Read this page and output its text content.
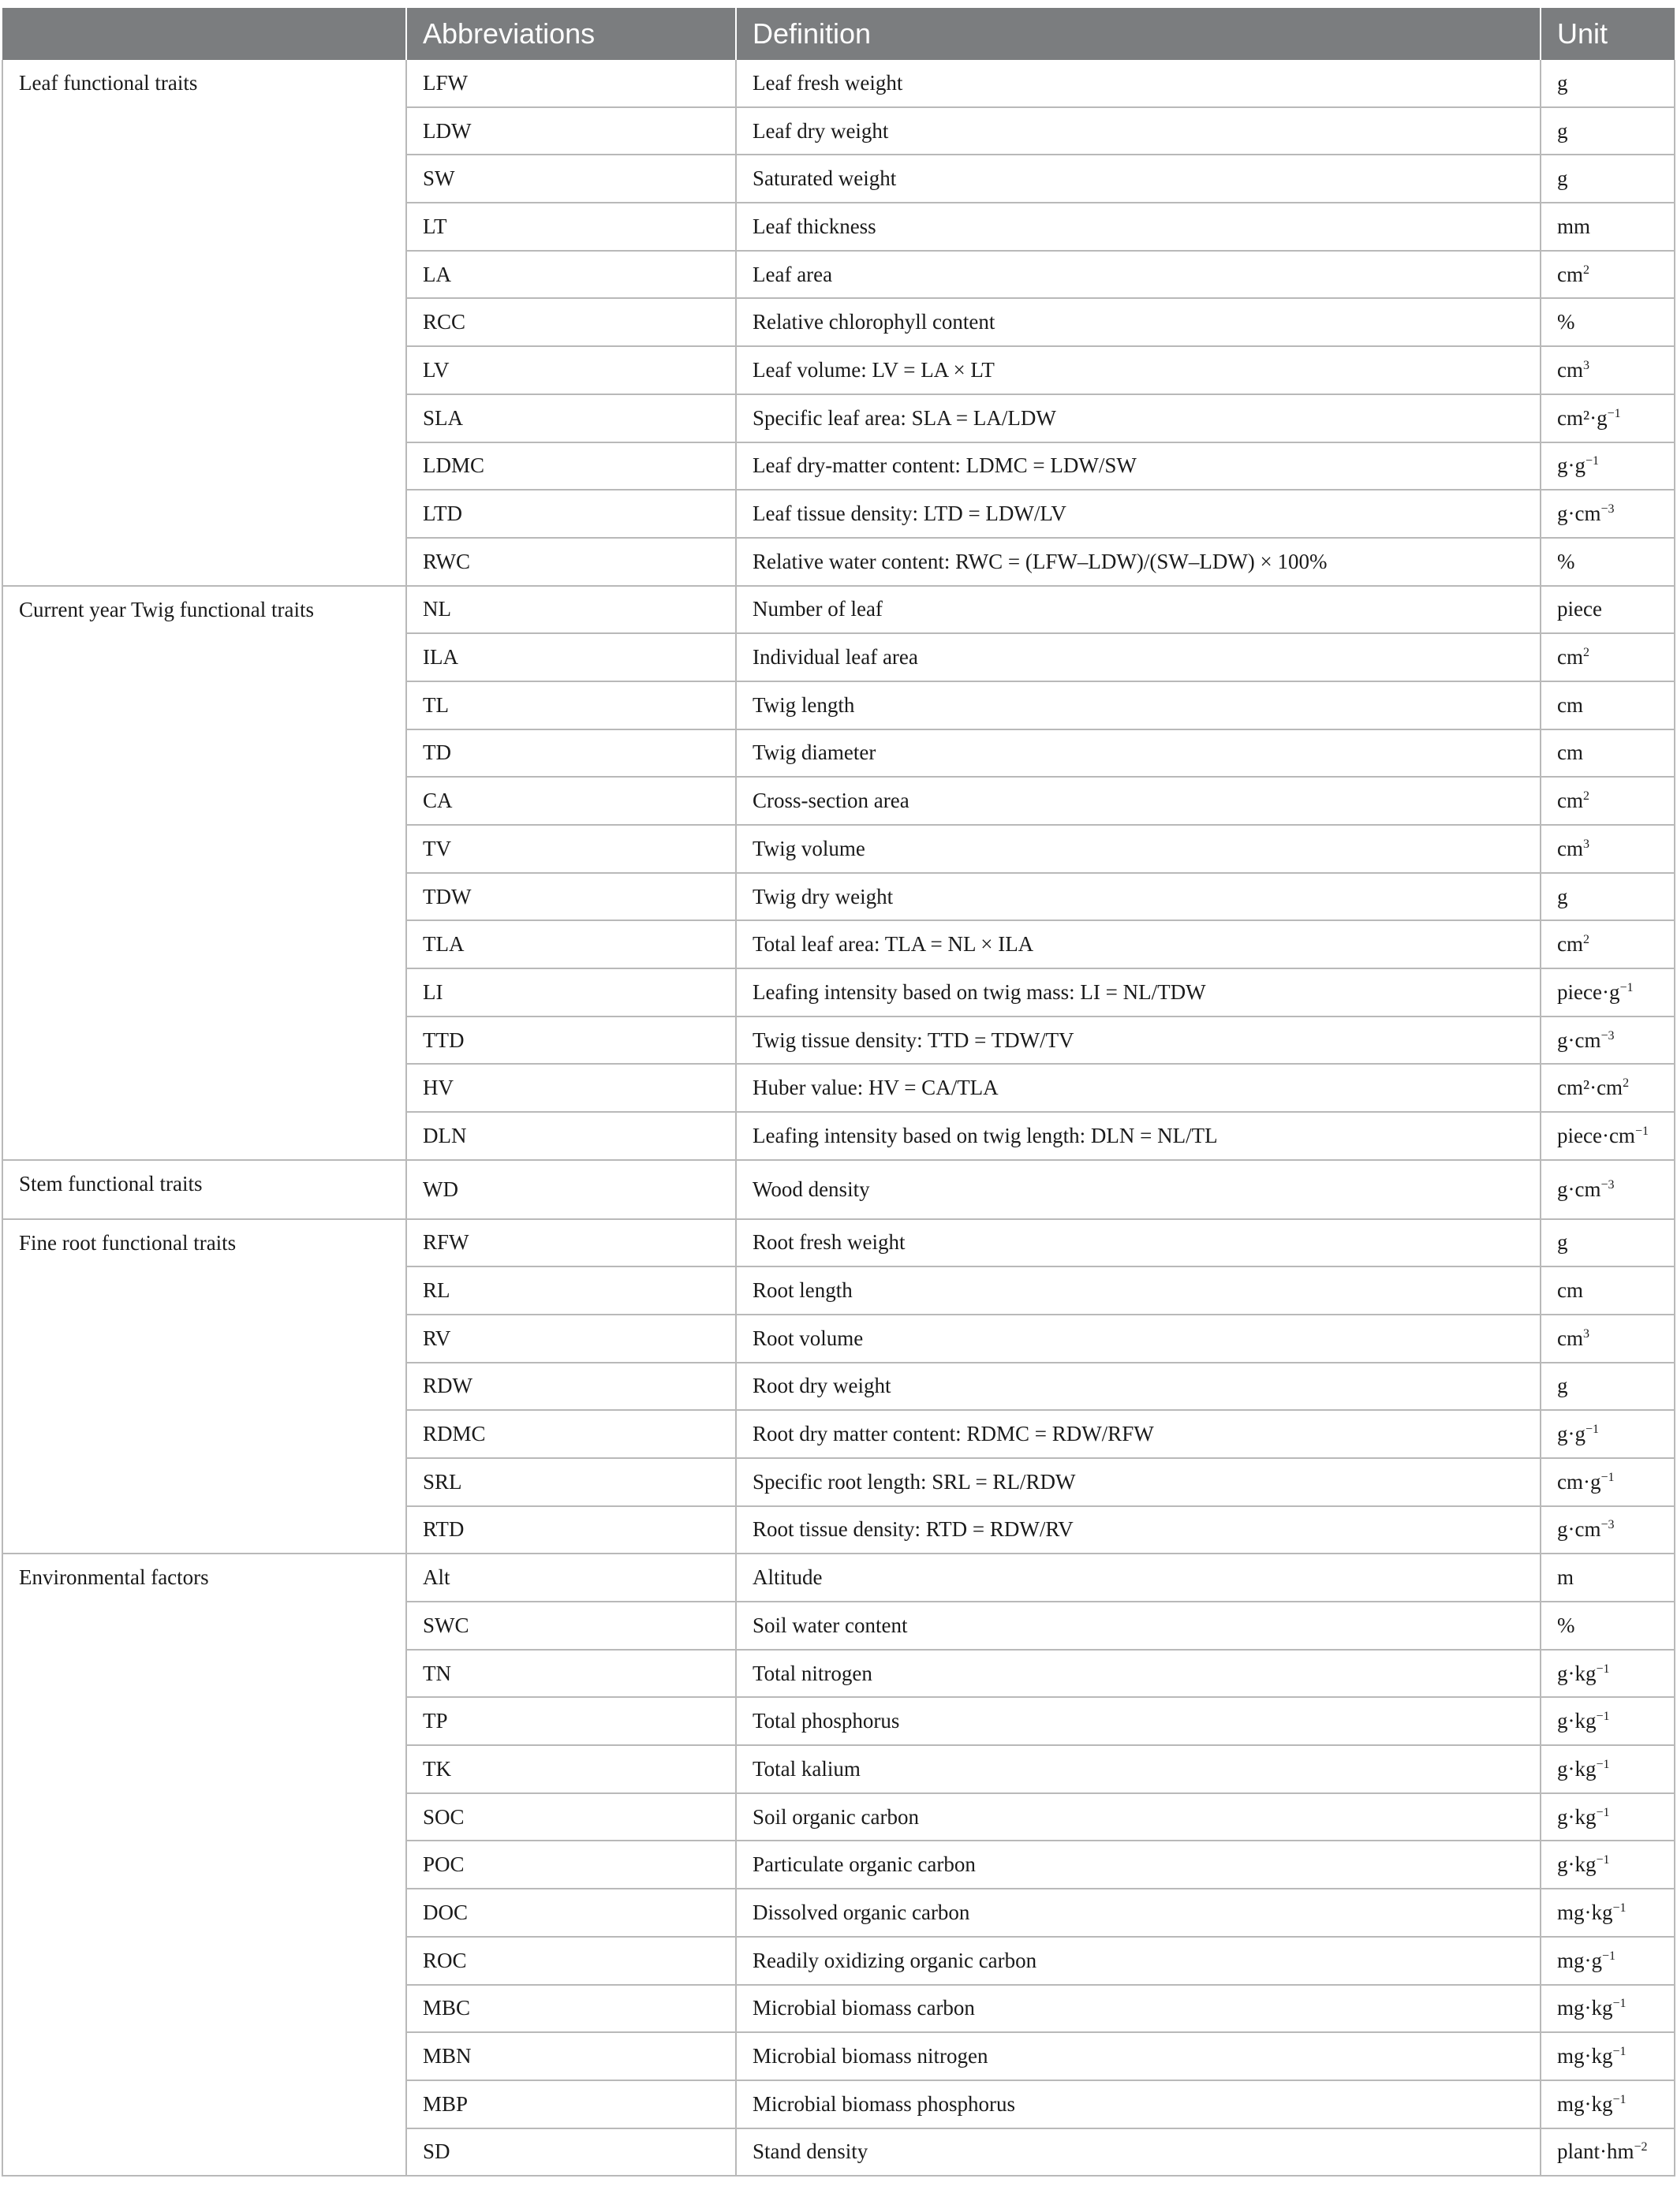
	Abbreviations	Definition	Unit
Leaf functional traits	LFW	Leaf fresh weight	g
	LDW	Leaf dry weight	g
	SW	Saturated weight	g
	LT	Leaf thickness	mm
	LA	Leaf area	$cm^2$
	RCC	Relative chlorophyll content	%
	LV	Leaf volume: LV = LA × LT	$cm^3$
	SLA	Specific leaf area: SLA = LA/LDW	$cm^2\cdot g^{-1}$
	LDMC	Leaf dry-matter content: LDMC = LDW/SW	$g\cdot g^{-1}$
	LTD	Leaf tissue density: LTD = LDW/LV	$g\cdot cm^{-3}$
	RWC	Relative water content: RWC = (LFW–LDW)/(SW–LDW) × 100%	%
Current year Twig functional traits	NL	Number of leaf	piece
	ILA	Individual leaf area	$cm^2$
	TL	Twig length	cm
	TD	Twig diameter	cm
	CA	Cross-section area	$cm^2$
	TV	Twig volume	$cm^3$
	TDW	Twig dry weight	g
	TLA	Total leaf area: TLA = NL × ILA	$cm^2$
	LI	Leafing intensity based on twig mass: LI = NL/TDW	$piece\cdot g^{-1}$
	TTD	Twig tissue density: TTD = TDW/TV	$g\cdot cm^{-3}$
	HV	Huber value: HV = CA/TLA	$cm^2\cdot cm^2$
	DLN	Leafing intensity based on twig length: DLN = NL/TL	$piece\cdot cm^{-1}$
Stem functional traits	WD	Wood density	$g\cdot cm^{-3}$
Fine root functional traits	RFW	Root fresh weight	g
	RL	Root length	cm
	RV	Root volume	$cm^3$
	RDW	Root dry weight	g
	RDMC	Root dry matter content: RDMC = RDW/RFW	$g\cdot g^{-1}$
	SRL	Specific root length: SRL = RL/RDW	$cm\cdot g^{-1}$
	RTD	Root tissue density: RTD = RDW/RV	$g\cdot cm^{-3}$
Environmental factors	Alt	Altitude	m
	SWC	Soil water content	%
	TN	Total nitrogen	$g\cdot kg^{-1}$
	TP	Total phosphorus	$g\cdot kg^{-1}$
	TK	Total kalium	$g\cdot kg^{-1}$
	SOC	Soil organic carbon	$g\cdot kg^{-1}$
	POC	Particulate organic carbon	$g\cdot kg^{-1}$
	DOC	Dissolved organic carbon	$mg\cdot kg^{-1}$
	ROC	Readily oxidizing organic carbon	$mg\cdot g^{-1}$
	MBC	Microbial biomass carbon	$mg\cdot kg^{-1}$
	MBN	Microbial biomass nitrogen	$mg\cdot kg^{-1}$
	MBP	Microbial biomass phosphorus	$mg\cdot kg^{-1}$
	SD	Stand density	$plant\cdot hm^{-2}$
